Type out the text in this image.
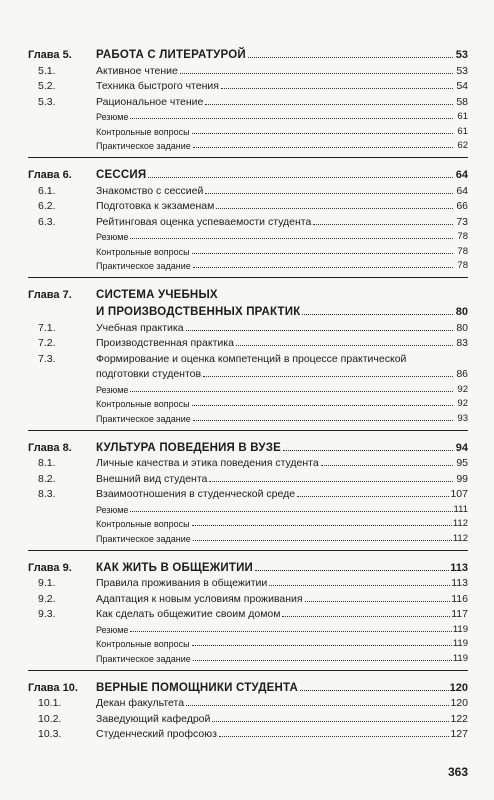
Глава 5.	РАБОТА С ЛИТЕРАТУРОЙ	53
5.1.	Активное чтение	53
5.2.	Техника быстрого чтения	54
5.3.	Рациональное чтение	58
Резюме	61
Контрольные вопросы	61
Практическое задание	62
Глава 6.	СЕССИЯ	64
6.1.	Знакомство с сессией	64
6.2.	Подготовка к экзаменам	66
6.3.	Рейтинговая оценка успеваемости студента	73
Резюме	78
Контрольные вопросы	78
Практическое задание	78
Глава 7.	СИСТЕМА УЧЕБНЫХ
И ПРОИЗВОДСТВЕННЫХ ПРАКТИК	80
7.1.	Учебная практика	80
7.2.	Производственная практика	83
7.3.	Формирование и оценка компетенций в процессе практической
подготовки студентов	86
Резюме	92
Контрольные вопросы	92
Практическое задание	93
Глава 8.	КУЛЬТУРА ПОВЕДЕНИЯ В ВУЗЕ	94
8.1.	Личные качества и этика поведения студента	95
8.2.	Внешний вид студента	99
8.3.	Взаимоотношения в студенческой среде	107
Резюме	111
Контрольные вопросы	112
Практическое задание	112
Глава 9.	КАК ЖИТЬ В ОБЩЕЖИТИИ	113
9.1.	Правила проживания в общежитии	113
9.2.	Адаптация к новым условиям проживания	116
9.3.	Как сделать общежитие своим домом	117
Резюме	119
Контрольные вопросы	119
Практическое задание	119
Глава 10.	ВЕРНЫЕ ПОМОЩНИКИ СТУДЕНТА	120
10.1.	Декан факультета	120
10.2.	Заведующий кафедрой	122
10.3.	Студенческий профсоюз	127
363
